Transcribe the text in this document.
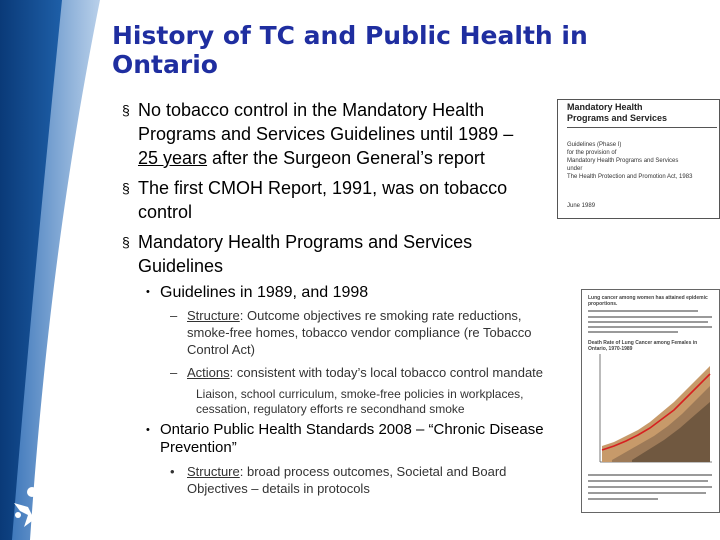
simcoe
muskoka
DISTRICT HEALTH UNIT
History of TC and Public Health in Ontario
§ No tobacco control in the Mandatory Health
Programs and Services Guidelines until 1989 –
25 years after the Surgeon General’s report
§ The first CMOH Report, 1991, was on tobacco
control
§ Mandatory Health Programs and Services
Guidelines
• Guidelines in 1989, and 1998
– Structure: Outcome objectives re smoking rate reductions,
smoke-free homes, tobacco vendor compliance (re Tobacco
Control Act)
– Actions: consistent with today’s local tobacco control mandate
Liaison, school curriculum, smoke-free policies in workplaces,
cessation, regulatory efforts re secondhand smoke
• Ontario Public Health Standards 2008 – “Chronic Disease
Prevention”
• Structure: broad process outcomes, Societal and Board
Objectives – details in protocols
Mandatory Health Programs and Services
Guidelines (Phase I)
for the provision of
Mandatory Health Programs and Services
under
The Health Protection and Promotion Act, 1983
June 1989
Lung cancer among women has attained epidemic proportions.
Death Rate of Lung Cancer among Females in Ontario, 1970-1989
